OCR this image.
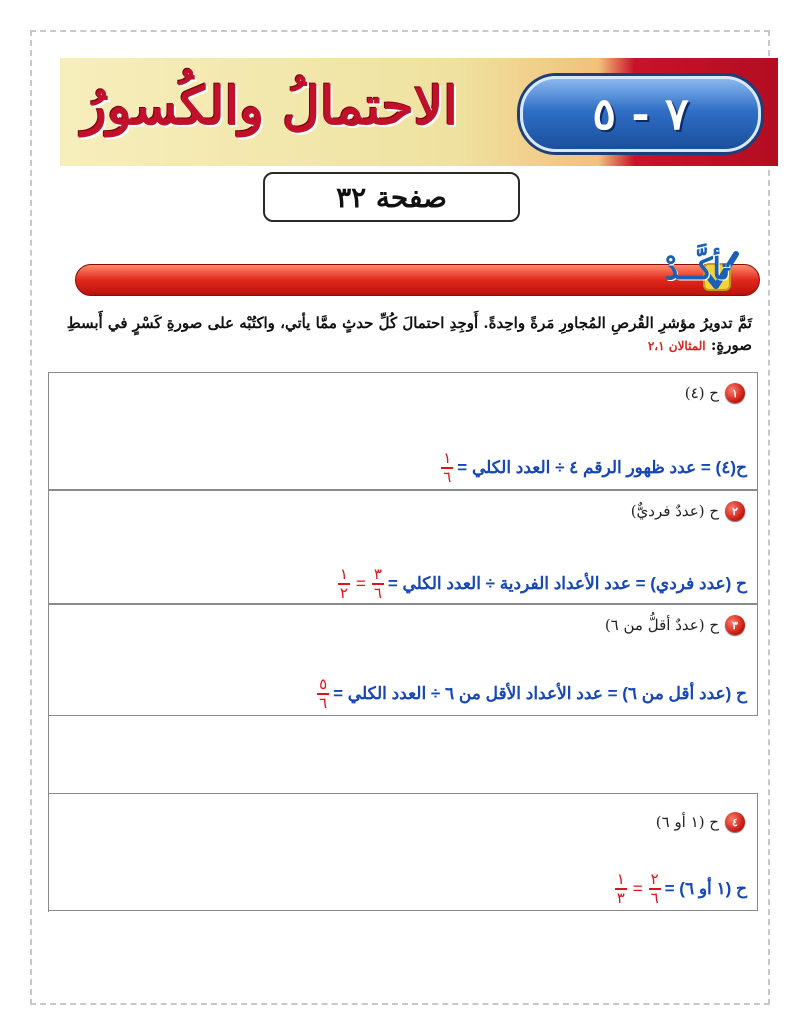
الاحتمالُ والكُسورُ	٧ - ٥
صفحة ٣٢
تأكَّــدْ
تَمَّ تدويرُ مؤشرِ القُرصِ المُجاورِ مَرةً واحِدةً. أَوجِدِ احتمالَ كُلِّ حدثٍ ممَّا يأتي، واكتُبْه على صورةِ كَسْرٍ في أَبسطِ صورةٍ: المثالان ٢،١
١
ح (٤)
ح(٤) = عدد ظهور الرقم ٤ ÷ العدد الكلي =
$\frac{١}{٦}$
٢
ح (عددٌ فرديٌّ)
ح (عدد فردي) = عدد الأعداد الفردية ÷ العدد الكلي =
$\frac{٣}{٦}$
=
$\frac{١}{٢}$
٣
ح (عددٌ أقلُّ من ٦)
ح (عدد أقل من ٦) = عدد الأعداد الأقل من ٦ ÷ العدد الكلي =
$\frac{٥}{٦}$
٤
ح (١ أو ٦)
ح (١ أو ٦) =
$\frac{٢}{٦}$
=
$\frac{١}{٣}$
